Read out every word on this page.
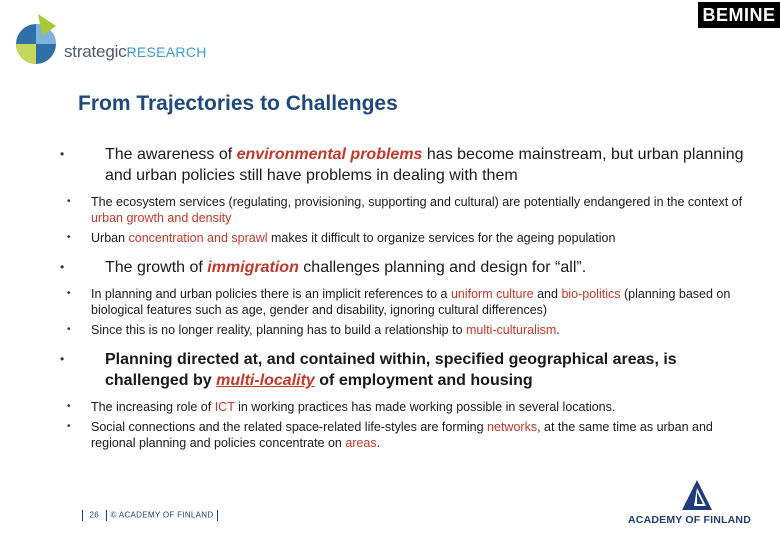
strategicRESEARCH
BEMINE
From Trajectories to Challenges
•	The awareness of environmental problems has become mainstream, but urban planning and urban policies still have problems in dealing with them
• The ecosystem services (regulating, provisioning, supporting and cultural) are potentially endangered in the context of urban growth and density
• Urban concentration and sprawl makes it difficult to organize services for the ageing population
•	The growth of immigration challenges planning and design for “all”.
• In planning and urban policies there is an implicit references to a uniform culture and bio-politics (planning based on biological features such as age, gender and disability, ignoring cultural differences)
• Since this is no longer reality, planning has to build a relationship to multi-culturalism.
•	Planning directed at, and contained within, specified geographical areas, is challenged by multi-locality of employment and housing
• The increasing role of ICT in working practices has made working possible in several locations.
• Social connections and the related space-related life-styles are forming networks, at the same time as urban and regional planning and policies concentrate on areas.
26 © ACADEMY OF FINLAND	ACADEMY OF FINLAND
